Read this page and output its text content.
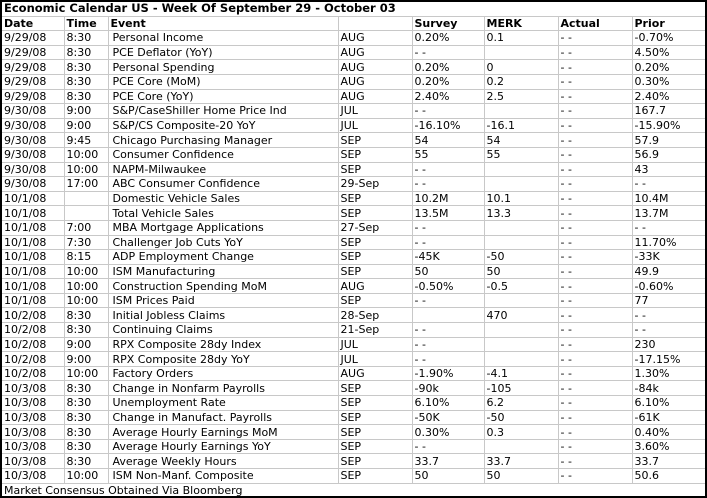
Economic Calendar US - Week Of September 29 - October 03							
Date	Time	Event		Survey	MERK	Actual	Prior
9/29/08	8:30	Personal Income	AUG	0.20%	0.1	- -	-0.70%
9/29/08	8:30	PCE Deflator (YoY)	AUG	- -		- -	4.50%
9/29/08	8:30	Personal Spending	AUG	0.20%	0	- -	0.20%
9/29/08	8:30	PCE Core (MoM)	AUG	0.20%	0.2	- -	0.30%
9/29/08	8:30	PCE Core (YoY)	AUG	2.40%	2.5	- -	2.40%
9/30/08	9:00	S&P/CaseShiller Home Price Ind	JUL	- -		- -	167.7
9/30/08	9:00	S&P/CS Composite-20 YoY	JUL	-16.10%	-16.1	- -	-15.90%
9/30/08	9:45	Chicago Purchasing Manager	SEP	54	54	- -	57.9
9/30/08	10:00	Consumer Confidence	SEP	55	55	- -	56.9
9/30/08	10:00	NAPM-Milwaukee	SEP	- -		- -	43
9/30/08	17:00	ABC Consumer Confidence	29-Sep	- -		- -	- -
10/1/08		Domestic Vehicle Sales	SEP	10.2M	10.1	- -	10.4M
10/1/08		Total Vehicle Sales	SEP	13.5M	13.3	- -	13.7M
10/1/08	7:00	MBA Mortgage Applications	27-Sep	- -		- -	- -
10/1/08	7:30	Challenger Job Cuts YoY	SEP	- -		- -	11.70%
10/1/08	8:15	ADP Employment Change	SEP	-45K	-50	- -	-33K
10/1/08	10:00	ISM Manufacturing	SEP	50	50	- -	49.9
10/1/08	10:00	Construction Spending MoM	AUG	-0.50%	-0.5	- -	-0.60%
10/1/08	10:00	ISM Prices Paid	SEP	- -		- -	77
10/2/08	8:30	Initial Jobless Claims	28-Sep		470	- -	- -
10/2/08	8:30	Continuing Claims	21-Sep	- -		- -	- -
10/2/08	9:00	RPX Composite 28dy Index	JUL	- -		- -	230
10/2/08	9:00	RPX Composite 28dy YoY	JUL	- -		- -	-17.15%
10/2/08	10:00	Factory Orders	AUG	-1.90%	-4.1	- -	1.30%
10/3/08	8:30	Change in Nonfarm Payrolls	SEP	-90k	-105	- -	-84k
10/3/08	8:30	Unemployment Rate	SEP	6.10%	6.2	- -	6.10%
10/3/08	8:30	Change in Manufact. Payrolls	SEP	-50K	-50	- -	-61K
10/3/08	8:30	Average Hourly Earnings MoM	SEP	0.30%	0.3	- -	0.40%
10/3/08	8:30	Average Hourly Earnings YoY	SEP	- -		- -	3.60%
10/3/08	8:30	Average Weekly Hours	SEP	33.7	33.7	- -	33.7
10/3/08	10:00	ISM Non-Manf. Composite	SEP	50	50	- -	50.6
Market Consensus Obtained Via Bloomberg							
